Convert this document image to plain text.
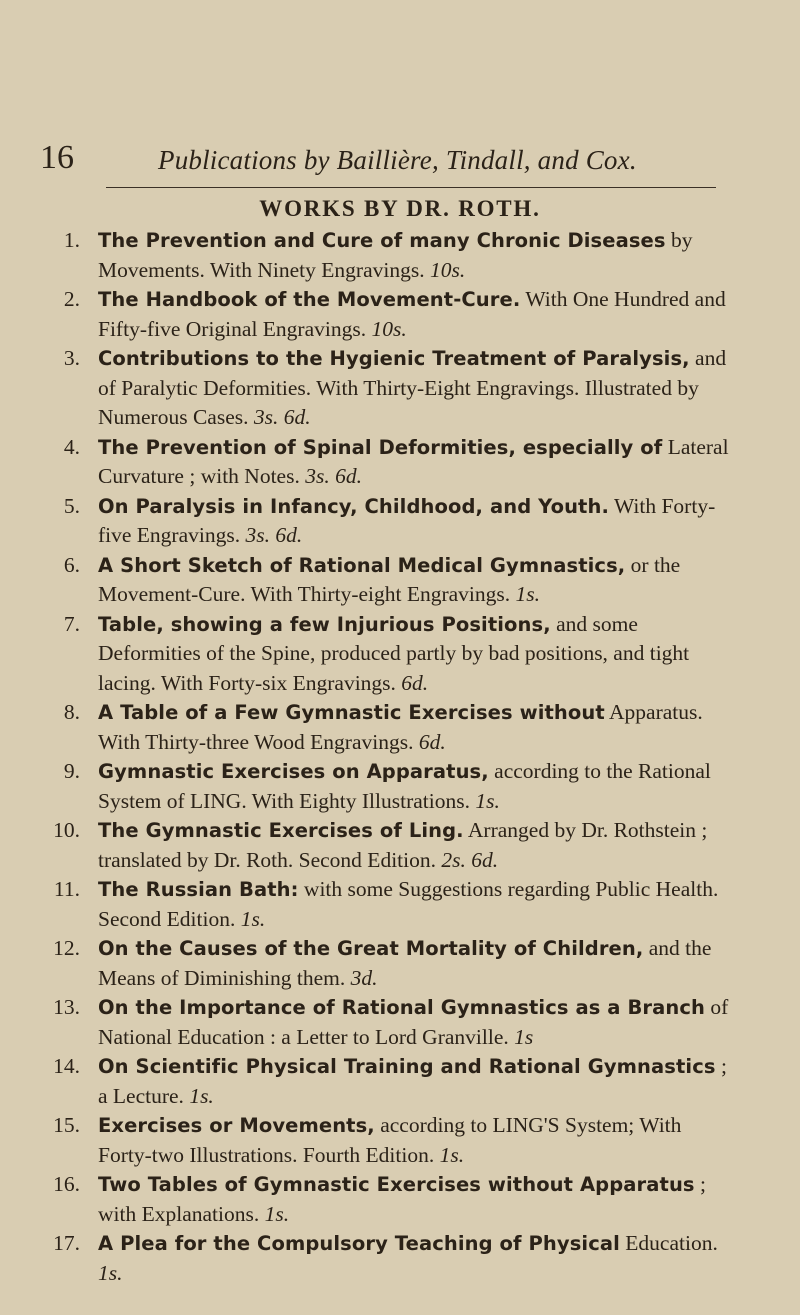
16	Publications by Baillière, Tindall, and Cox.
WORKS BY DR. ROTH.
1. The Prevention and Cure of many Chronic Diseases by Movements. With Ninety Engravings. 10s.
2. The Handbook of the Movement-Cure. With One Hundred and Fifty-five Original Engravings. 10s.
3. Contributions to the Hygienic Treatment of Paralysis, and of Paralytic Deformities. With Thirty-Eight Engravings. Illustrated by Numerous Cases. 3s. 6d.
4. The Prevention of Spinal Deformities, especially of Lateral Curvature ; with Notes. 3s. 6d.
5. On Paralysis in Infancy, Childhood, and Youth. With Forty-five Engravings. 3s. 6d.
6. A Short Sketch of Rational Medical Gymnastics, or the Movement-Cure. With Thirty-eight Engravings. 1s.
7. Table, showing a few Injurious Positions, and some Deformities of the Spine, produced partly by bad positions, and tight lacing. With Forty-six Engravings. 6d.
8. A Table of a Few Gymnastic Exercises without Apparatus. With Thirty-three Wood Engravings. 6d.
9. Gymnastic Exercises on Apparatus, according to the Rational System of LING. With Eighty Illustrations. 1s.
10. The Gymnastic Exercises of Ling. Arranged by Dr. Rothstein ; translated by Dr. Roth. Second Edition. 2s. 6d.
11. The Russian Bath: with some Suggestions regarding Public Health. Second Edition. 1s.
12. On the Causes of the Great Mortality of Children, and the Means of Diminishing them. 3d.
13. On the Importance of Rational Gymnastics as a Branch of National Education : a Letter to Lord Granville. 1s
14. On Scientific Physical Training and Rational Gymnastics ; a Lecture. 1s.
15. Exercises or Movements, according to LING'S System; With Forty-two Illustrations. Fourth Edition. 1s.
16. Two Tables of Gymnastic Exercises without Apparatus ; with Explanations. 1s.
17. A Plea for the Compulsory Teaching of Physical Education. 1s.
